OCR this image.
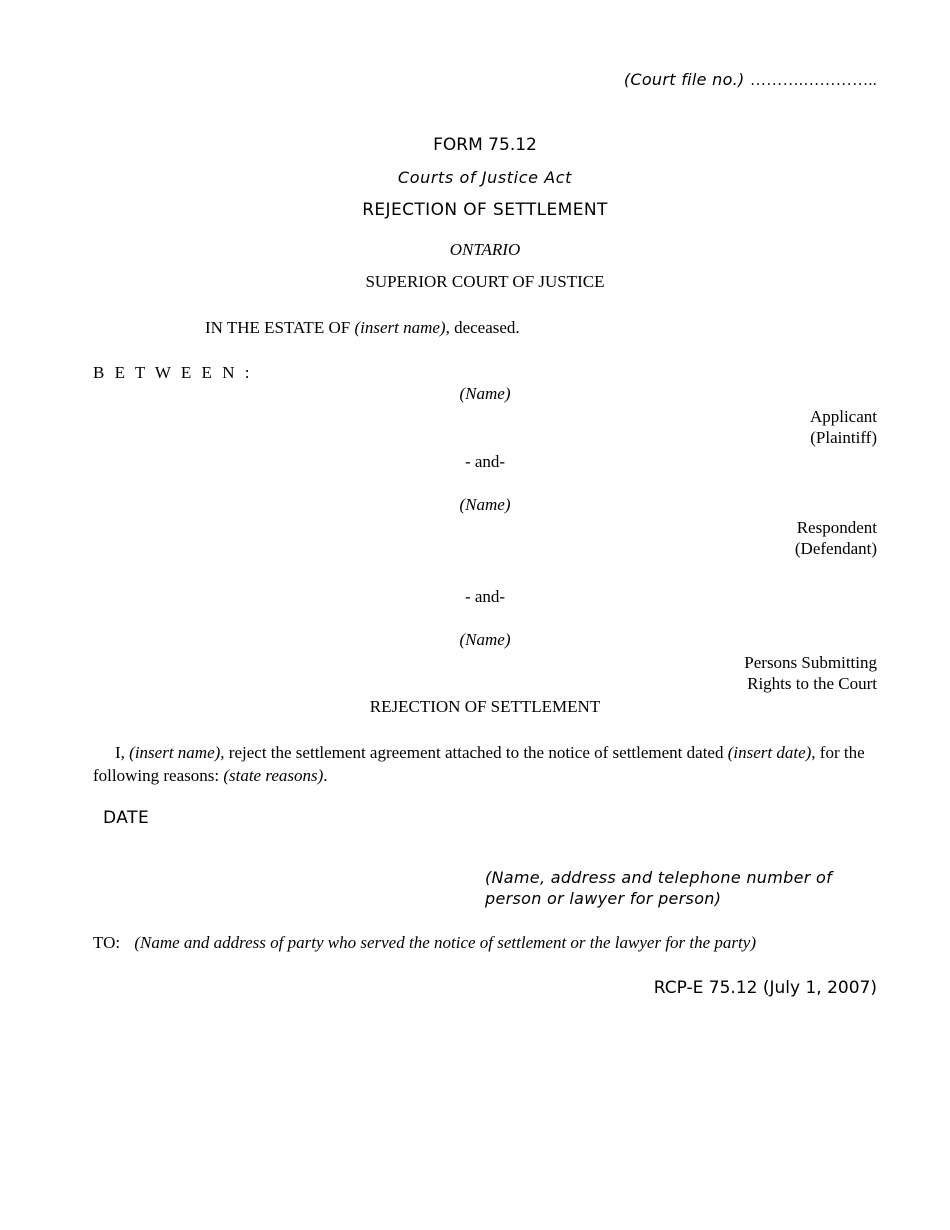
(Court file no.) ……….…………..
FORM 75.12
Courts of Justice Act
REJECTION OF SETTLEMENT
ONTARIO
SUPERIOR COURT OF JUSTICE
IN THE ESTATE OF (insert name), deceased.
B E T W E E N :
(Name)
Applicant
(Plaintiff)
- and-
(Name)
Respondent
(Defendant)
- and-
(Name)
Persons Submitting
Rights to the Court
REJECTION OF SETTLEMENT
I, (insert name), reject the settlement agreement attached to the notice of settlement dated (insert date), for the following reasons: (state reasons).
DATE
(Name, address and telephone number of person or lawyer for person)
TO: (Name and address of party who served the notice of settlement or the lawyer for the party)
RCP-E 75.12 (July 1, 2007)
